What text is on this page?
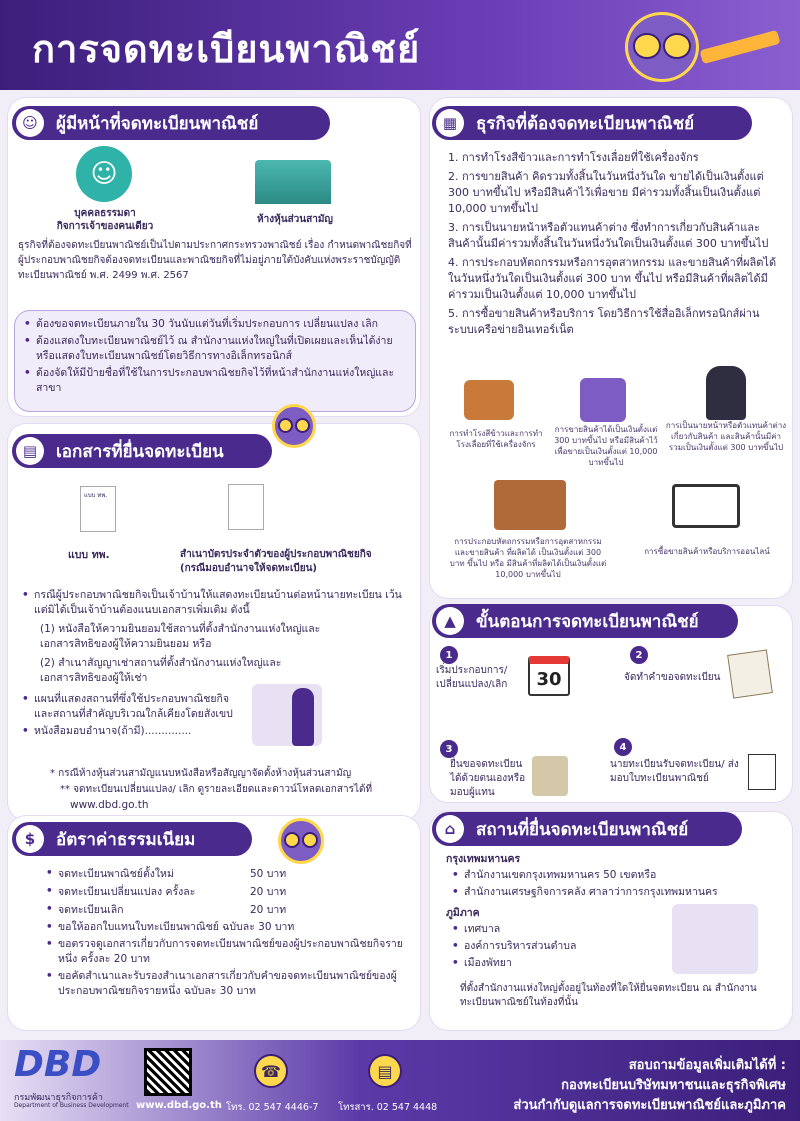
การจดทะเบียนพาณิชย์
☺	ผู้มีหน้าที่จดทะเบียนพาณิชย์
☺
บุคคลธรรมดา
กิจการเจ้าของคนเดียว
ห้างหุ้นส่วนสามัญ
ธุรกิจที่ต้องจดทะเบียนพาณิชย์เป็นไปตามประกาศกระทรวงพาณิชย์ เรื่อง กำหนดพาณิชยกิจที่ผู้ประกอบพาณิชยกิจต้องจดทะเบียนและพาณิชยกิจที่ไม่อยู่ภายใต้บังคับแห่งพระราชบัญญัติทะเบียนพาณิชย์ พ.ศ. 2499 พ.ศ. 2567
• ต้องขอจดทะเบียนภายใน 30 วันนับแต่วันที่เริ่มประกอบการ เปลี่ยนแปลง เลิก
• ต้องแสดงใบทะเบียนพาณิชย์ไว้ ณ สำนักงานแห่งใหญ่ในที่เปิดเผยและเห็นได้ง่ายหรือแสดงใบทะเบียนพาณิชย์โดยวิธีการทางอิเล็กทรอนิกส์
• ต้องจัดให้มีป้ายชื่อที่ใช้ในการประกอบพาณิชยกิจไว้ที่หน้าสำนักงานแห่งใหญ่และสาขา
▤	เอกสารที่ยื่นจดทะเบียน
แบบ ทพ.
แบบ ทพ.	สำเนาบัตรประจำตัวของผู้ประกอบพาณิชยกิจ
(กรณีมอบอำนาจให้จดทะเบียน)
• กรณีผู้ประกอบพาณิชยกิจเป็นเจ้าบ้านให้แสดงทะเบียนบ้านต่อหน้านายทะเบียน เว้นแต่มิได้เป็นเจ้าบ้านต้องแนบเอกสารเพิ่มเติม ดังนี้
(1) หนังสือให้ความยินยอมใช้สถานที่ตั้งสำนักงานแห่งใหญ่และเอกสารสิทธิของผู้ให้ความยินยอม หรือ
(2) สำเนาสัญญาเช่าสถานที่ตั้งสำนักงานแห่งใหญ่และเอกสารสิทธิของผู้ให้เช่า
• แผนที่แสดงสถานที่ซึ่งใช้ประกอบพาณิชยกิจและสถานที่สำคัญบริเวณใกล้เคียงโดยสังเขป
• หนังสือมอบอำนาจ(ถ้ามี)..............
* กรณีห้างหุ้นส่วนสามัญแนบหนังสือหรือสัญญาจัดตั้งห้างหุ้นส่วนสามัญ
** จดทะเบียนเปลี่ยนแปลง/ เลิก ดูรายละเอียดและดาวน์โหลดเอกสารได้ที่
www.dbd.go.th
$	อัตราค่าธรรมเนียม
• จดทะเบียนพาณิชย์ตั้งใหม่	50 บาท
• จดทะเบียนเปลี่ยนแปลง ครั้งละ	20 บาท
• จดทะเบียนเลิก	20 บาท
• ขอให้ออกใบแทนใบทะเบียนพาณิชย์ ฉบับละ 30 บาท
• ขอตรวจดูเอกสารเกี่ยวกับการจดทะเบียนพาณิชย์ของผู้ประกอบพาณิชยกิจรายหนึ่ง ครั้งละ 20 บาท
• ขอคัดสำเนาและรับรองสำเนาเอกสารเกี่ยวกับคำขอจดทะเบียนพาณิชย์ของผู้ประกอบพาณิชยกิจรายหนึ่ง ฉบับละ 30 บาท
▦	ธุรกิจที่ต้องจดทะเบียนพาณิชย์
1. การทำโรงสีข้าวและการทำโรงเลื่อยที่ใช้เครื่องจักร
2. การขายสินค้า คิดรวมทั้งสิ้นในวันหนึ่งวันใด ขายได้เป็นเงินตั้งแต่ 300 บาทขึ้นไป หรือมีสินค้าไว้เพื่อขาย มีค่ารวมทั้งสิ้นเป็นเงินตั้งแต่ 10,000 บาทขึ้นไป
3. การเป็นนายหน้าหรือตัวแทนค้าต่าง ซึ่งทำการเกี่ยวกับสินค้าและสินค้านั้นมีค่ารวมทั้งสิ้นในวันหนึ่งวันใดเป็นเงินตั้งแต่ 300 บาทขึ้นไป
4. การประกอบหัตถกรรมหรือการอุตสาหกรรม และขายสินค้าที่ผลิตได้ ในวันหนึ่งวันใดเป็นเงินตั้งแต่ 300 บาท ขึ้นไป หรือมีสินค้าที่ผลิตได้มีค่ารวมเป็นเงินตั้งแต่ 10,000 บาทขึ้นไป
5. การซื้อขายสินค้าหรือบริการ โดยวิธีการใช้สื่ออิเล็กทรอนิกส์ผ่านระบบเครือข่ายอินเทอร์เน็ต
การทำโรงสีข้าวและการทำโรงเลื่อยที่ใช้เครื่องจักร
การขายสินค้าได้เป็นเงินตั้งแต่ 300 บาทขึ้นไป หรือมีสินค้าไว้เพื่อขายเป็นเงินตั้งแต่ 10,000 บาทขึ้นไป
การเป็นนายหน้าหรือตัวแทนค้าต่างเกี่ยวกับสินค้า และสินค้านั้นมีค่ารวมเป็นเงินตั้งแต่ 300 บาทขึ้นไป
การประกอบหัตถกรรมหรือการอุตสาหกรรมและขายสินค้า ที่ผลิตได้ เป็นเงินตั้งแต่ 300 บาท ขึ้นไป หรือ มีสินค้าที่ผลิตได้เป็นเงินตั้งแต่ 10,000 บาทขึ้นไป
การซื้อขายสินค้าหรือบริการออนไลน์
▲	ขั้นตอนการจดทะเบียนพาณิชย์
1
เริ่มประกอบการ/ เปลี่ยนแปลง/เลิก	30
2
จัดทำคำขอจดทะเบียน
3
ยื่นขอจดทะเบียน ได้ด้วยตนเองหรือมอบผู้แทน
4
นายทะเบียนรับจดทะเบียน/ ส่งมอบใบทะเบียนพาณิชย์
⌂	สถานที่ยื่นจดทะเบียนพาณิชย์
กรุงเทพมหานคร
• สำนักงานเขตกรุงเทพมหานคร 50 เขตหรือ
• สำนักงานเศรษฐกิจการคลัง ศาลาว่าการกรุงเทพมหานคร
ภูมิภาค
• เทศบาล
• องค์การบริหารส่วนตำบล
• เมืองพัทยา
ที่ตั้งสำนักงานแห่งใหญ่ตั้งอยู่ในท้องที่ใดให้ยื่นจดทะเบียน ณ สำนักงานทะเบียนพาณิชย์ในท้องที่นั้น
DBD
กรมพัฒนาธุรกิจการค้า
Department of Business Development www.dbd.go.th
☎
โทร. 02 547 4446-7
▤
โทรสาร. 02 547 4448
สอบถามข้อมูลเพิ่มเติมได้ที่ :
กองทะเบียนบริษัทมหาชนและธุรกิจพิเศษ
ส่วนกำกับดูแลการจดทะเบียนพาณิชย์และภูมิภาค
